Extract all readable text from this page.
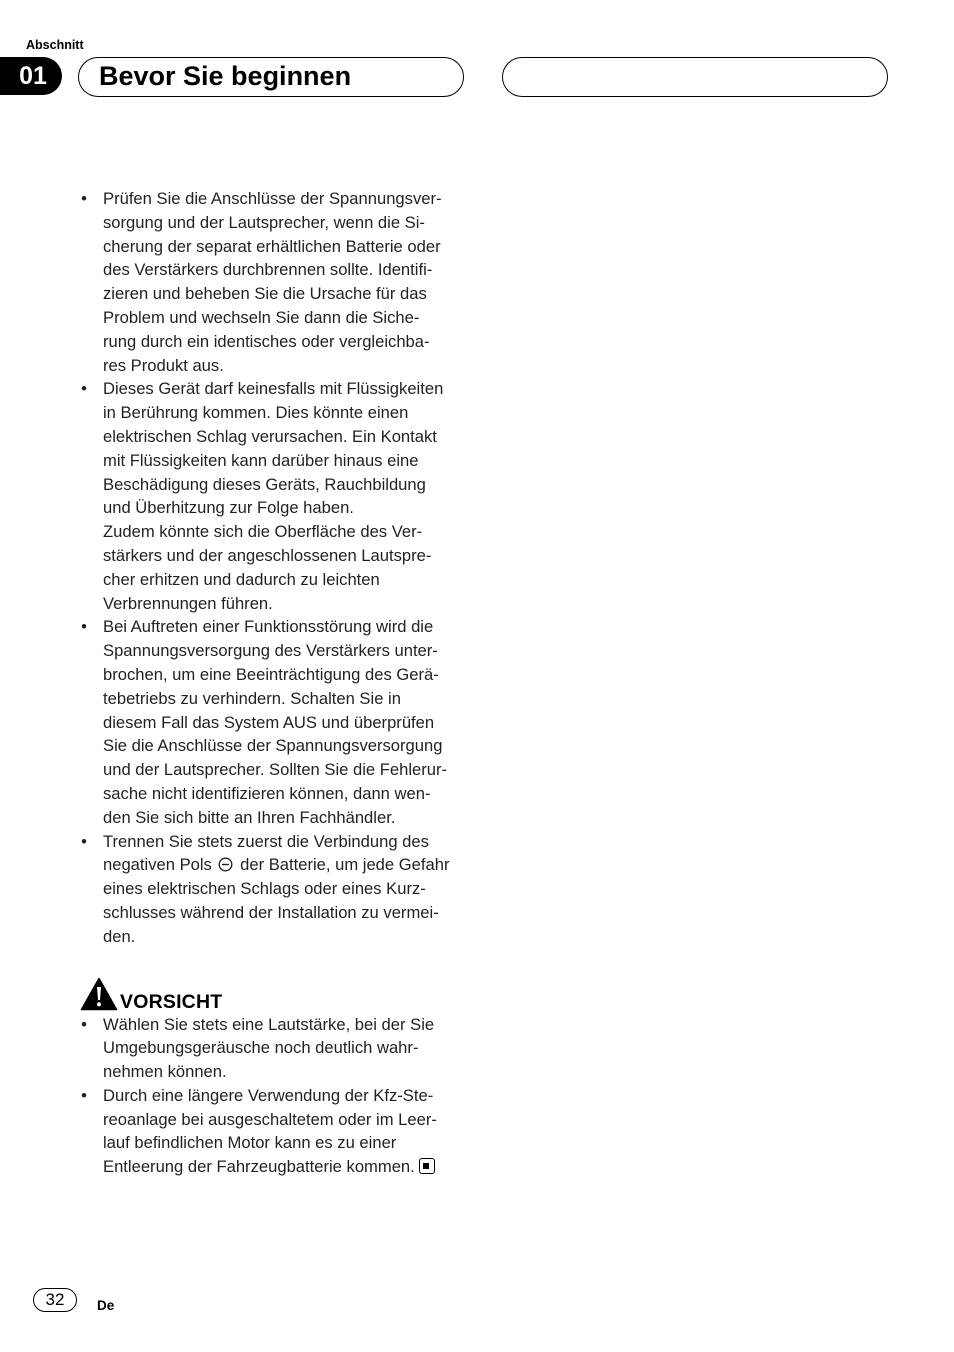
Abschnitt
01	Bevor Sie beginnen
• Prüfen Sie die Anschlüsse der Spannungsver-
sorgung und der Lautsprecher, wenn die Si-
cherung der separat erhältlichen Batterie oder
des Verstärkers durchbrennen sollte. Identifi-
zieren und beheben Sie die Ursache für das
Problem und wechseln Sie dann die Siche-
rung durch ein identisches oder vergleichba-
res Produkt aus.

• Dieses Gerät darf keinesfalls mit Flüssigkeiten
in Berührung kommen. Dies könnte einen
elektrischen Schlag verursachen. Ein Kontakt
mit Flüssigkeiten kann darüber hinaus eine
Beschädigung dieses Geräts, Rauchbildung
und Überhitzung zur Folge haben.
Zudem könnte sich die Oberfläche des Ver-
stärkers und der angeschlossenen Lautspre-
cher erhitzen und dadurch zu leichten
Verbrennungen führen.

• Bei Auftreten einer Funktionsstörung wird die
Spannungsversorgung des Verstärkers unter-
brochen, um eine Beeinträchtigung des Gerä-
tebetriebs zu verhindern. Schalten Sie in
diesem Fall das System AUS und überprüfen
Sie die Anschlüsse der Spannungsversorgung
und der Lautsprecher. Sollten Sie die Fehlerur-
sache nicht identifizieren können, dann wen-
den Sie sich bitte an Ihren Fachhändler.

• Trennen Sie stets zuerst die Verbindung des
negativen Pols der Batterie, um jede Gefahr
eines elektrischen Schlags oder eines Kurz-
schlusses während der Installation zu vermei-
den.

VORSICHT
• Wählen Sie stets eine Lautstärke, bei der Sie
Umgebungsgeräusche noch deutlich wahr-
nehmen können.

• Durch eine längere Verwendung der Kfz-Ste-
reoanlage bei ausgeschaltetem oder im Leer-
lauf befindlichen Motor kann es zu einer
Entleerung der Fahrzeugbatterie kommen.

32	De
